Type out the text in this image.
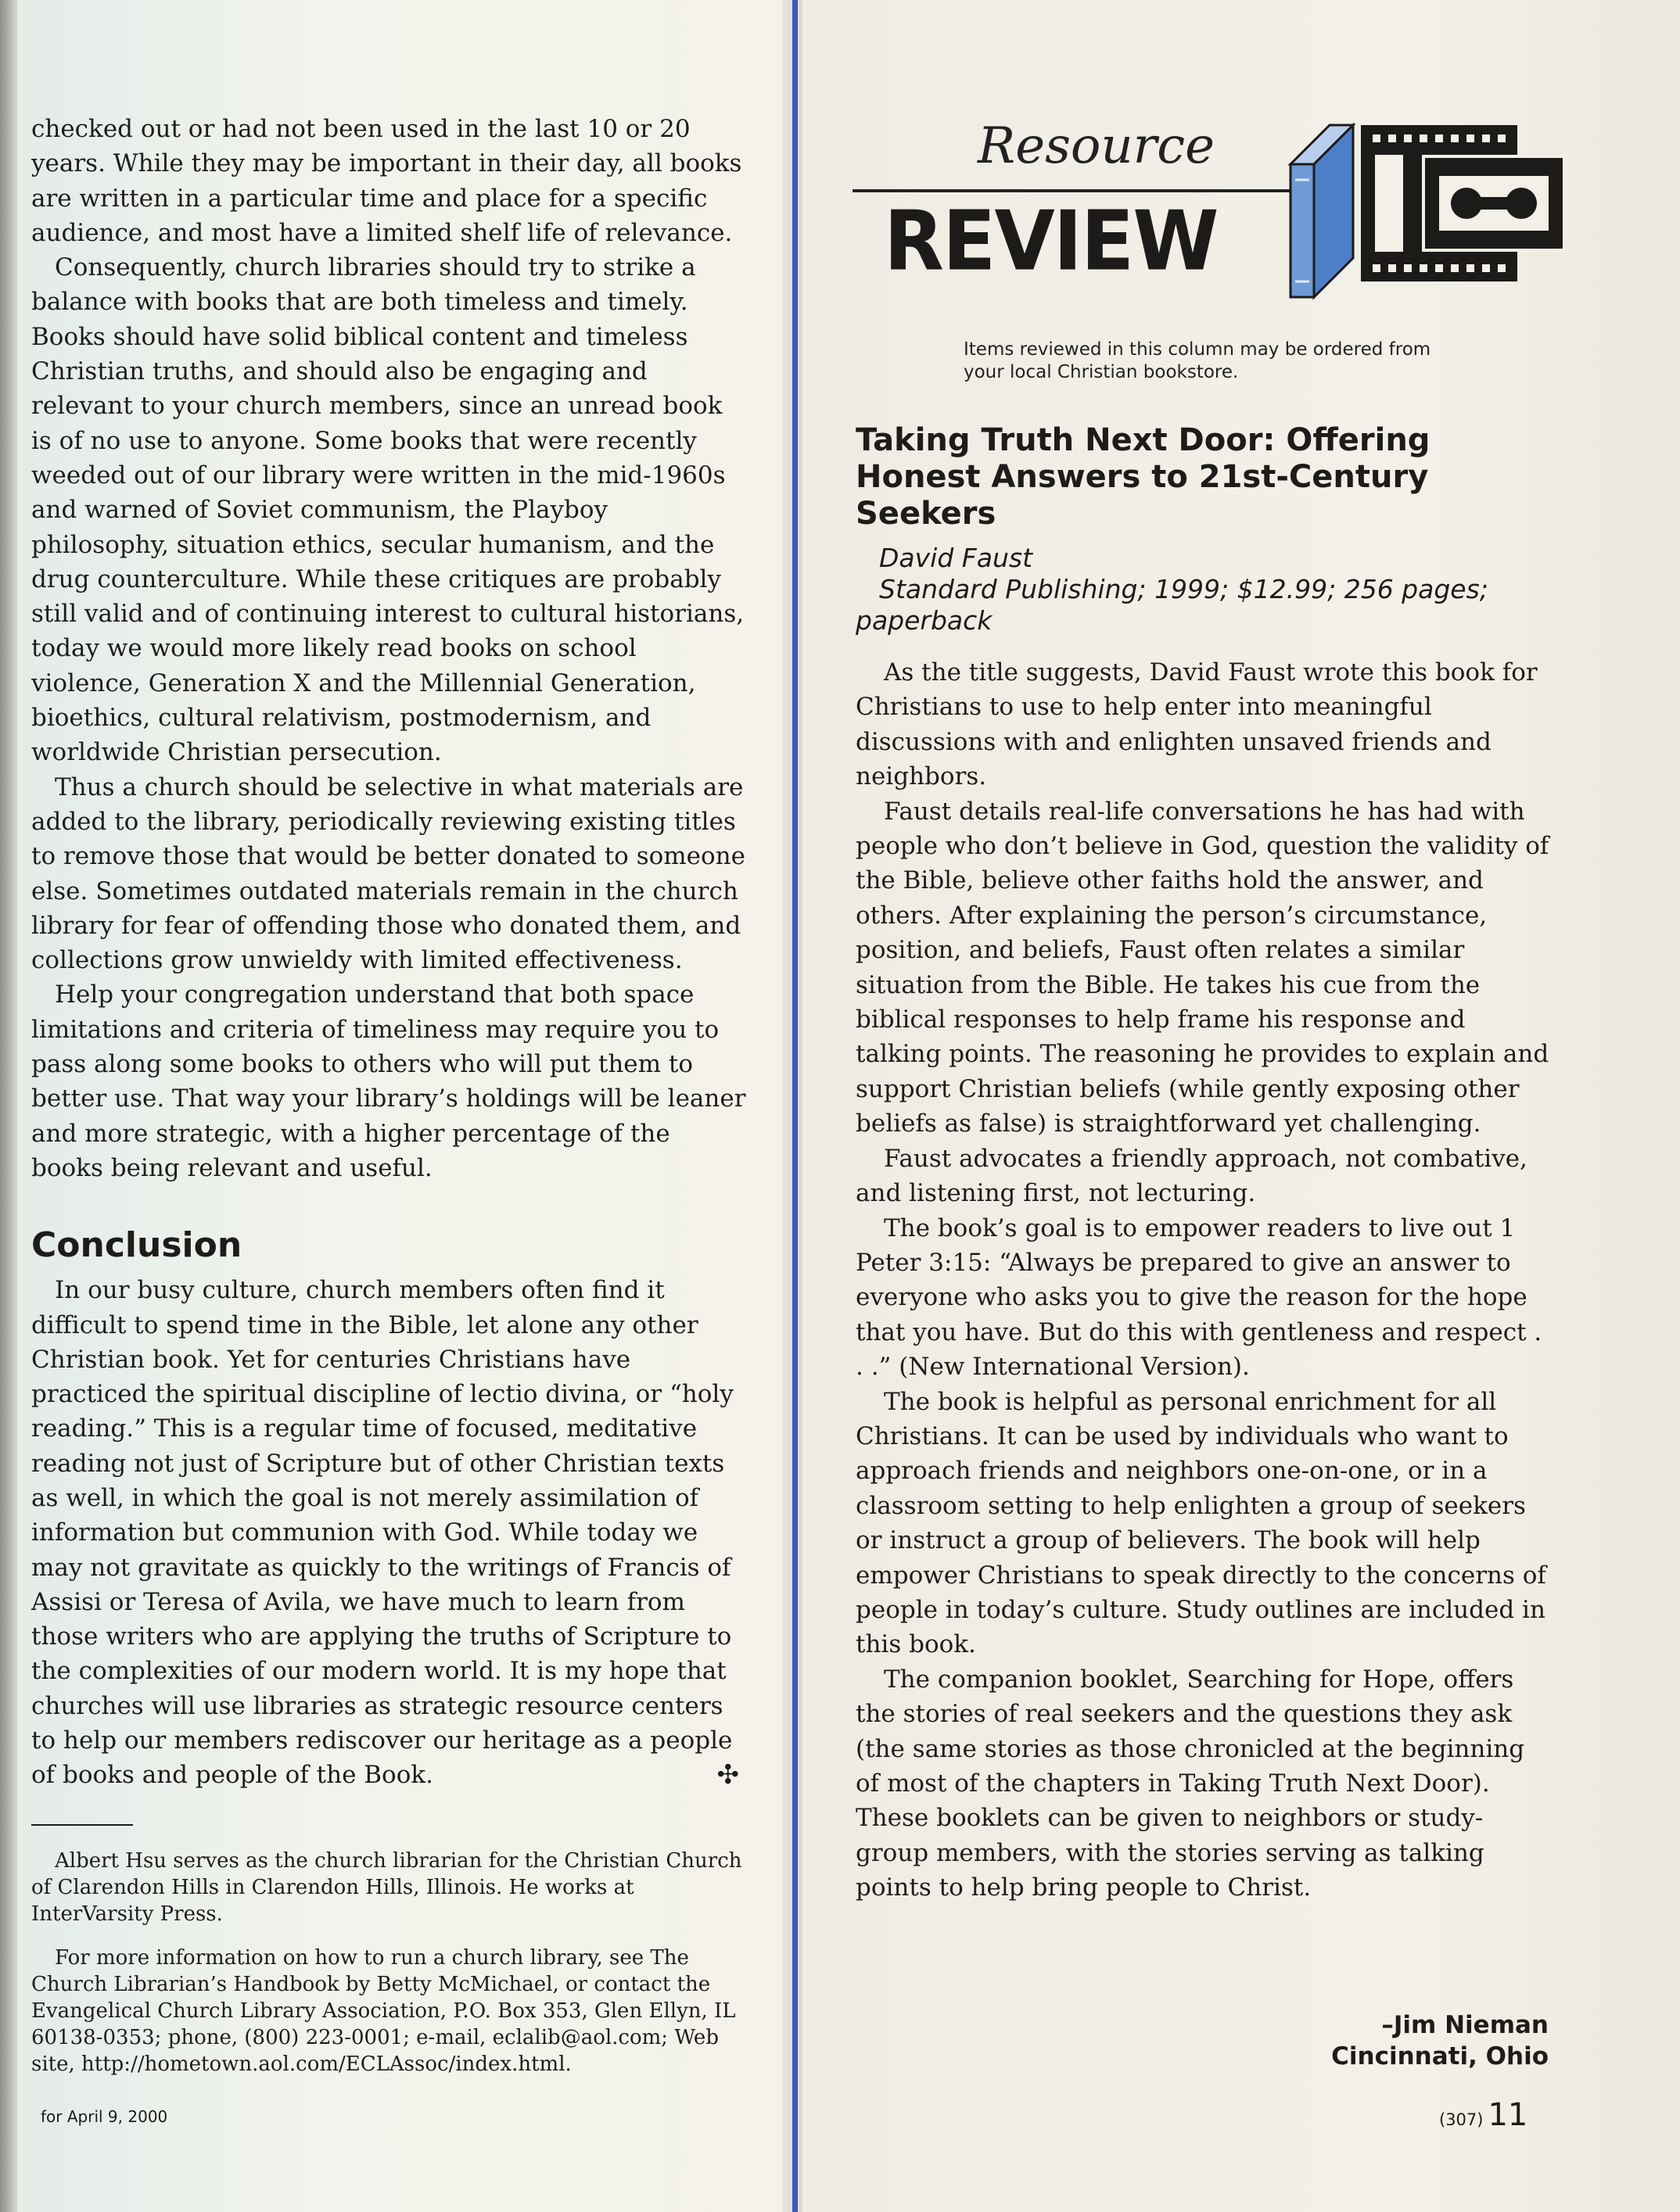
checked out or had not been used in the last 10 or 20 years. While they may be important in their day, all books are written in a particular time and place for a specific audience, and most have a limited shelf life of relevance.

Consequently, church libraries should try to strike a balance with books that are both timeless and timely. Books should have solid biblical content and timeless Christian truths, and should also be engaging and relevant to your church members, since an unread book is of no use to anyone. Some books that were recently weeded out of our library were written in the mid-1960s and warned of Soviet communism, the Playboy philosophy, situation ethics, secular humanism, and the drug counterculture. While these critiques are probably still valid and of continuing interest to cultural historians, today we would more likely read books on school violence, Generation X and the Millennial Generation, bioethics, cultural relativism, postmodernism, and worldwide Christian persecution.

Thus a church should be selective in what materials are added to the library, periodically reviewing existing titles to remove those that would be better donated to someone else. Sometimes outdated materials remain in the church library for fear of offending those who donated them, and collections grow unwieldy with limited effectiveness.

Help your congregation understand that both space limitations and criteria of timeliness may require you to pass along some books to others who will put them to better use. That way your library’s holdings will be leaner and more strategic, with a higher percentage of the books being relevant and useful.

Conclusion

In our busy culture, church members often find it difficult to spend time in the Bible, let alone any other Christian book. Yet for centuries Christians have practiced the spiritual discipline of lectio divina, or “holy reading.” This is a regular time of focused, meditative reading not just of Scripture but of other Christian texts as well, in which the goal is not merely assimilation of information but communion with God. While today we may not gravitate as quickly to the writings of Francis of Assisi or Teresa of Avila, we have much to learn from those writers who are applying the truths of Scripture to the complexities of our modern world. It is my hope that churches will use libraries as strategic resource centers to help our members rediscover our heritage as a people of books and people of the Book.	✣

Albert Hsu serves as the church librarian for the Christian Church of Clarendon Hills in Clarendon Hills, Illinois. He works at InterVarsity Press.

For more information on how to run a church library, see The Church Librarian’s Handbook by Betty McMichael, or contact the Evangelical Church Library Association, P.O. Box 353, Glen Ellyn, IL 60138-0353; phone, (800) 223-0001; e-mail, eclalib@aol.com; Web site, http://hometown.aol.com/ECLAssoc/index.html.

for April 9, 2000
Resource
REVIEW
Items reviewed in this column may be ordered from your local Christian bookstore.
Taking Truth Next Door: Offering Honest Answers to 21st-Century Seekers
David Faust
Standard Publishing; 1999; $12.99; 256 pages; paperback

As the title suggests, David Faust wrote this book for Christians to use to help enter into meaningful discussions with and enlighten unsaved friends and neighbors.

Faust details real-life conversations he has had with people who don’t believe in God, question the validity of the Bible, believe other faiths hold the answer, and others. After explaining the person’s circumstance, position, and beliefs, Faust often relates a similar situation from the Bible. He takes his cue from the biblical responses to help frame his response and talking points. The reasoning he provides to explain and support Christian beliefs (while gently exposing other beliefs as false) is straightforward yet challenging.

Faust advocates a friendly approach, not combative, and listening first, not lecturing.

The book’s goal is to empower readers to live out 1 Peter 3:15: “Always be prepared to give an answer to everyone who asks you to give the reason for the hope that you have. But do this with gentleness and respect . . .” (New International Version).

The book is helpful as personal enrichment for all Christians. It can be used by individuals who want to approach friends and neighbors one-on-one, or in a classroom setting to help enlighten a group of seekers or instruct a group of believers. The book will help empower Christians to speak directly to the concerns of people in today’s culture. Study outlines are included in this book.

The companion booklet, Searching for Hope, offers the stories of real seekers and the questions they ask (the same stories as those chronicled at the beginning of most of the chapters in Taking Truth Next Door). These booklets can be given to neighbors or study-group members, with the stories serving as talking points to help bring people to Christ.

–Jim Nieman
Cincinnati, Ohio
(307) 11
